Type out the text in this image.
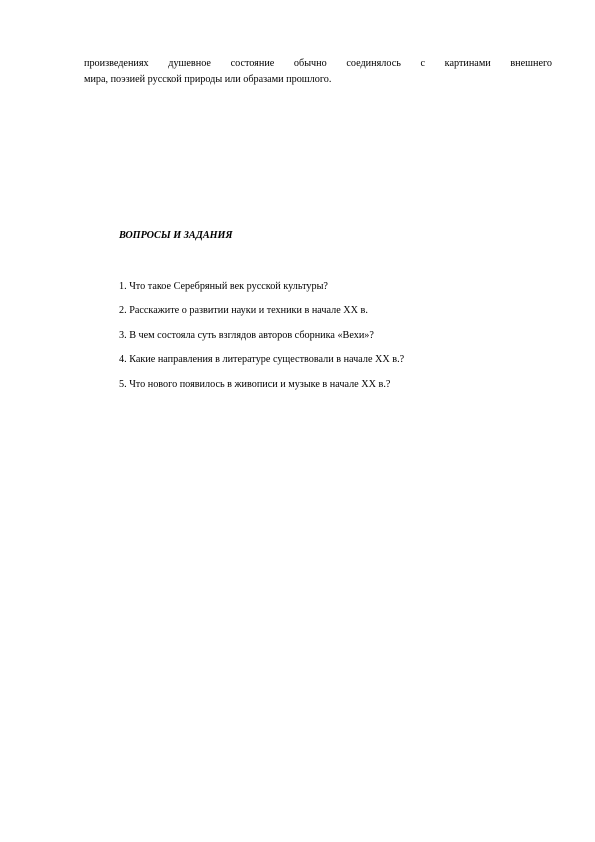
произведениях душевное состояние обычно соединялось с картинами внешнего
мира, поэзией русской природы или образами прошлого.

ВОПРОСЫ И ЗАДАНИЯ
1. Что такое Серебряный век русской культуры?
2. Расскажите о развитии науки и техники в начале XX в.
3. В чем состояла суть взглядов авторов сборника «Вехи»?
4. Какие направления в литературе существовали в начале XX в.?
5. Что нового появилось в живописи и музыке в начале XX в.?
